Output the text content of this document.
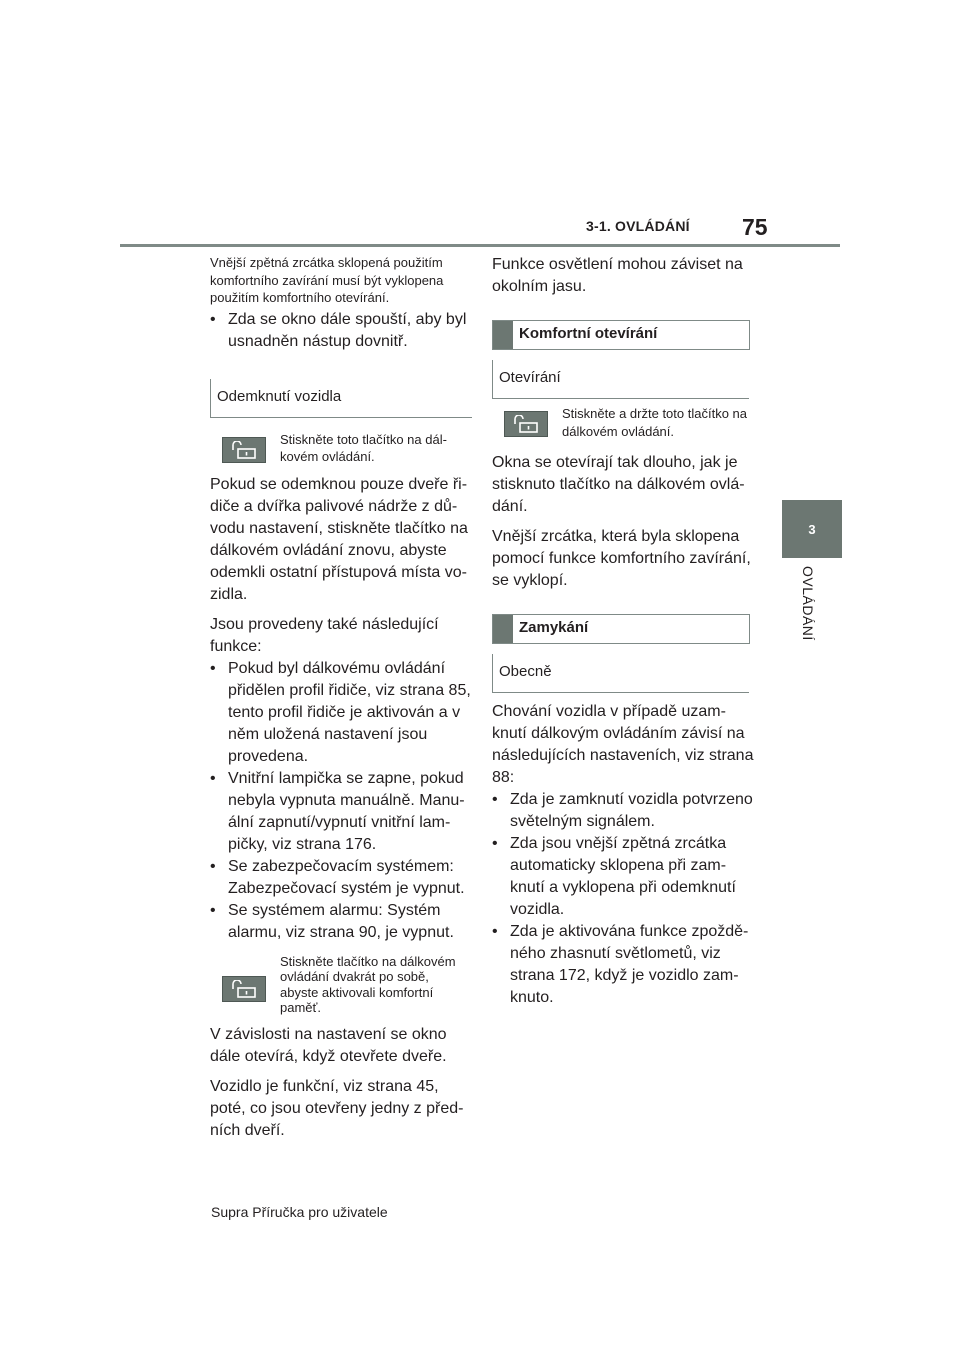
3-1. OVLÁDÁNÍ 75
3
OVLÁDÁNÍ

Vnější zpětná zrcátka sklopená použitím komfortního zavírání musí být vyklopena použitím komfortního otevírání.

• Zda se okno dále spouští, aby byl usnadněn nástup dovnitř.
Odemknutí vozidla
Stiskněte toto tlačítko na dálkovém ovládání.

Pokud se odemknou pouze dveře řidiče a dvířka palivové nádrže z důvodu nastavení, stiskněte tlačítko na dálkovém ovládání znovu, abyste odemkli ostatní přístupová místa vozidla.

Jsou provedeny také následující funkce:

• Pokud byl dálkovému ovládání přidělen profil řidiče, viz strana 85, tento profil řidiče je aktivován a v něm uložená nastavení jsou provedena.
• Vnitřní lampička se zapne, pokud nebyla vypnuta manuálně. Manuální zapnutí/vypnutí vnitřní lampičky, viz strana 176.
• Se zabezpečovacím systémem: Zabezpečovací systém je vypnut.
• Se systémem alarmu: Systém alarmu, viz strana 90, je vypnut.
Stiskněte tlačítko na dálkovém ovládání dvakrát po sobě, abyste aktivovali komfortní paměť.

V závislosti na nastavení se okno dále otevírá, když otevřete dveře.

Vozidlo je funkční, viz strana 45, poté, co jsou otevřeny jedny z předních dveří.

Funkce osvětlení mohou záviset na okolním jasu.

Komfortní otevírání
Otevírání
Stiskněte a držte toto tlačítko na dálkovém ovládání.

Okna se otevírají tak dlouho, jak je stisknuto tlačítko na dálkovém ovládání.

Vnější zrcátka, která byla sklopena pomocí funkce komfortního zavírání, se vyklopí.

Zamykání
Obecně

Chování vozidla v případě uzamknutí dálkovým ovládáním závisí na následujících nastaveních, viz strana 88:

• Zda je zamknutí vozidla potvrzeno světelným signálem.
• Zda jsou vnější zpětná zrcátka automaticky sklopena při zamknutí a vyklopena při odemknutí vozidla.
• Zda je aktivována funkce zpožděného zhasnutí světlometů, viz strana 172, když je vozidlo zamknuto.
Supra Příručka pro uživatele
